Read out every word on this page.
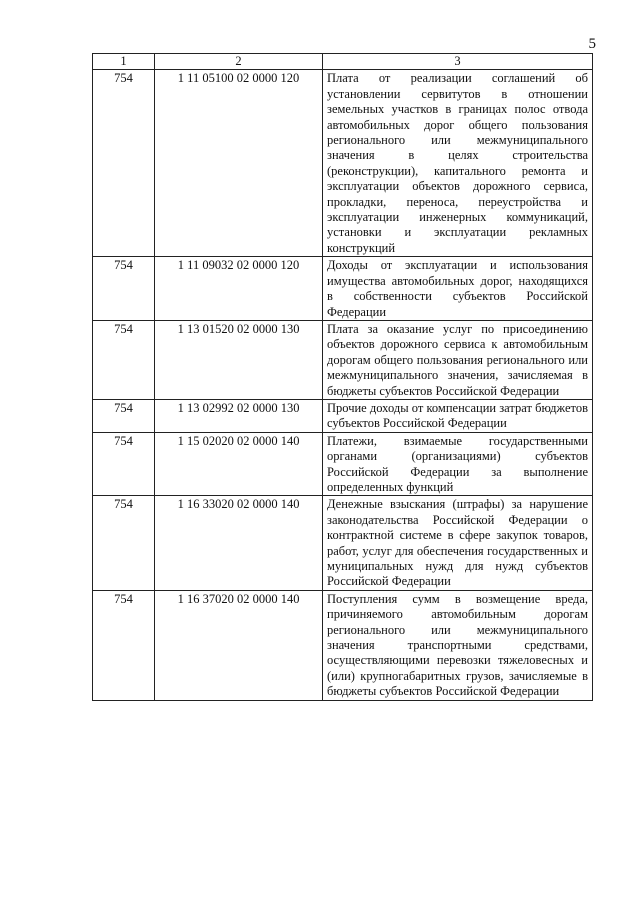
5
1	2	3
754	1 11 05100 02 0000 120	Плата от реализации соглашений об установлении сервитутов в отношении земельных участков в границах полос отвода автомобильных дорог общего пользования регионального или межмуниципального значения в целях строительства (реконструкции), капитального ремонта и эксплуатации объектов дорожного сервиса, прокладки, переноса, переустройства и эксплуатации инженерных коммуникаций, установки и эксплуатации рекламных конструкций
754	1 11 09032 02 0000 120	Доходы от эксплуатации и использования имущества автомобильных дорог, находящихся в собственности субъектов Российской Федерации
754	1 13 01520 02 0000 130	Плата за оказание услуг по присоединению объектов дорожного сервиса к автомобильным дорогам общего пользования регионального или межмуниципального значения, зачисляемая в бюджеты субъектов Российской Федерации
754	1 13 02992 02 0000 130	Прочие доходы от компенсации затрат бюджетов субъектов Российской Федерации
754	1 15 02020 02 0000 140	Платежи, взимаемые государственными органами (организациями) субъектов Российской Федерации за выполнение определенных функций
754	1 16 33020 02 0000 140	Денежные взыскания (штрафы) за нарушение законодательства Российской Федерации о контрактной системе в сфере закупок товаров, работ, услуг для обеспечения государственных и муниципальных нужд для нужд субъектов Российской Федерации
754	1 16 37020 02 0000 140	Поступления сумм в возмещение вреда, причиняемого автомобильным дорогам регионального или межмуниципального значения транспортными средствами, осуществляющими перевозки тяжеловесных и (или) крупногабаритных грузов, зачисляемые в бюджеты субъектов Российской Федерации
